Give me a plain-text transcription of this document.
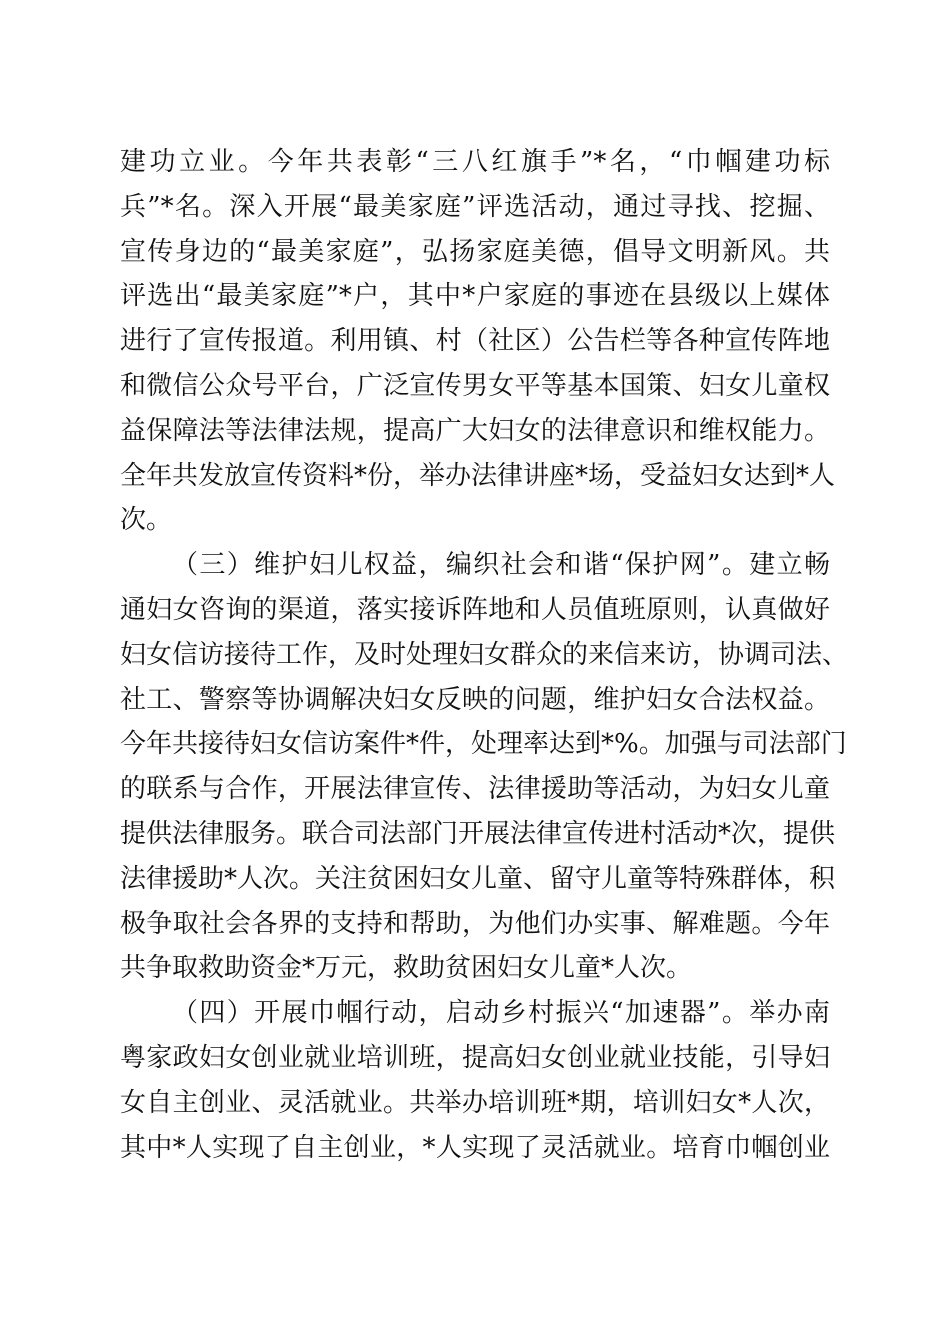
建功立业。今年共表彰“三八红旗手”*名，“巾帼建功标
兵”*名。深入开展“最美家庭”评选活动，通过寻找、挖掘、
宣传身边的“最美家庭”，弘扬家庭美德，倡导文明新风。共
评选出“最美家庭”*户，其中*户家庭的事迹在县级以上媒体
进行了宣传报道。利用镇、村（社区）公告栏等各种宣传阵地
和微信公众号平台，广泛宣传男女平等基本国策、妇女儿童权
益保障法等法律法规，提高广大妇女的法律意识和维权能力。
全年共发放宣传资料*份，举办法律讲座*场，受益妇女达到*人
次。
（三）维护妇儿权益，编织社会和谐“保护网”。建立畅
通妇女咨询的渠道，落实接诉阵地和人员值班原则，认真做好
妇女信访接待工作，及时处理妇女群众的来信来访，协调司法、
社工、警察等协调解决妇女反映的问题，维护妇女合法权益。
今年共接待妇女信访案件*件，处理率达到*%。加强与司法部门
的联系与合作，开展法律宣传、法律援助等活动，为妇女儿童
提供法律服务。联合司法部门开展法律宣传进村活动*次，提供
法律援助*人次。关注贫困妇女儿童、留守儿童等特殊群体，积
极争取社会各界的支持和帮助，为他们办实事、解难题。今年
共争取救助资金*万元，救助贫困妇女儿童*人次。
（四）开展巾帼行动，启动乡村振兴“加速器”。举办南
粤家政妇女创业就业培训班，提高妇女创业就业技能，引导妇
女自主创业、灵活就业。共举办培训班*期，培训妇女*人次，
其中*人实现了自主创业，*人实现了灵活就业。培育巾帼创业
